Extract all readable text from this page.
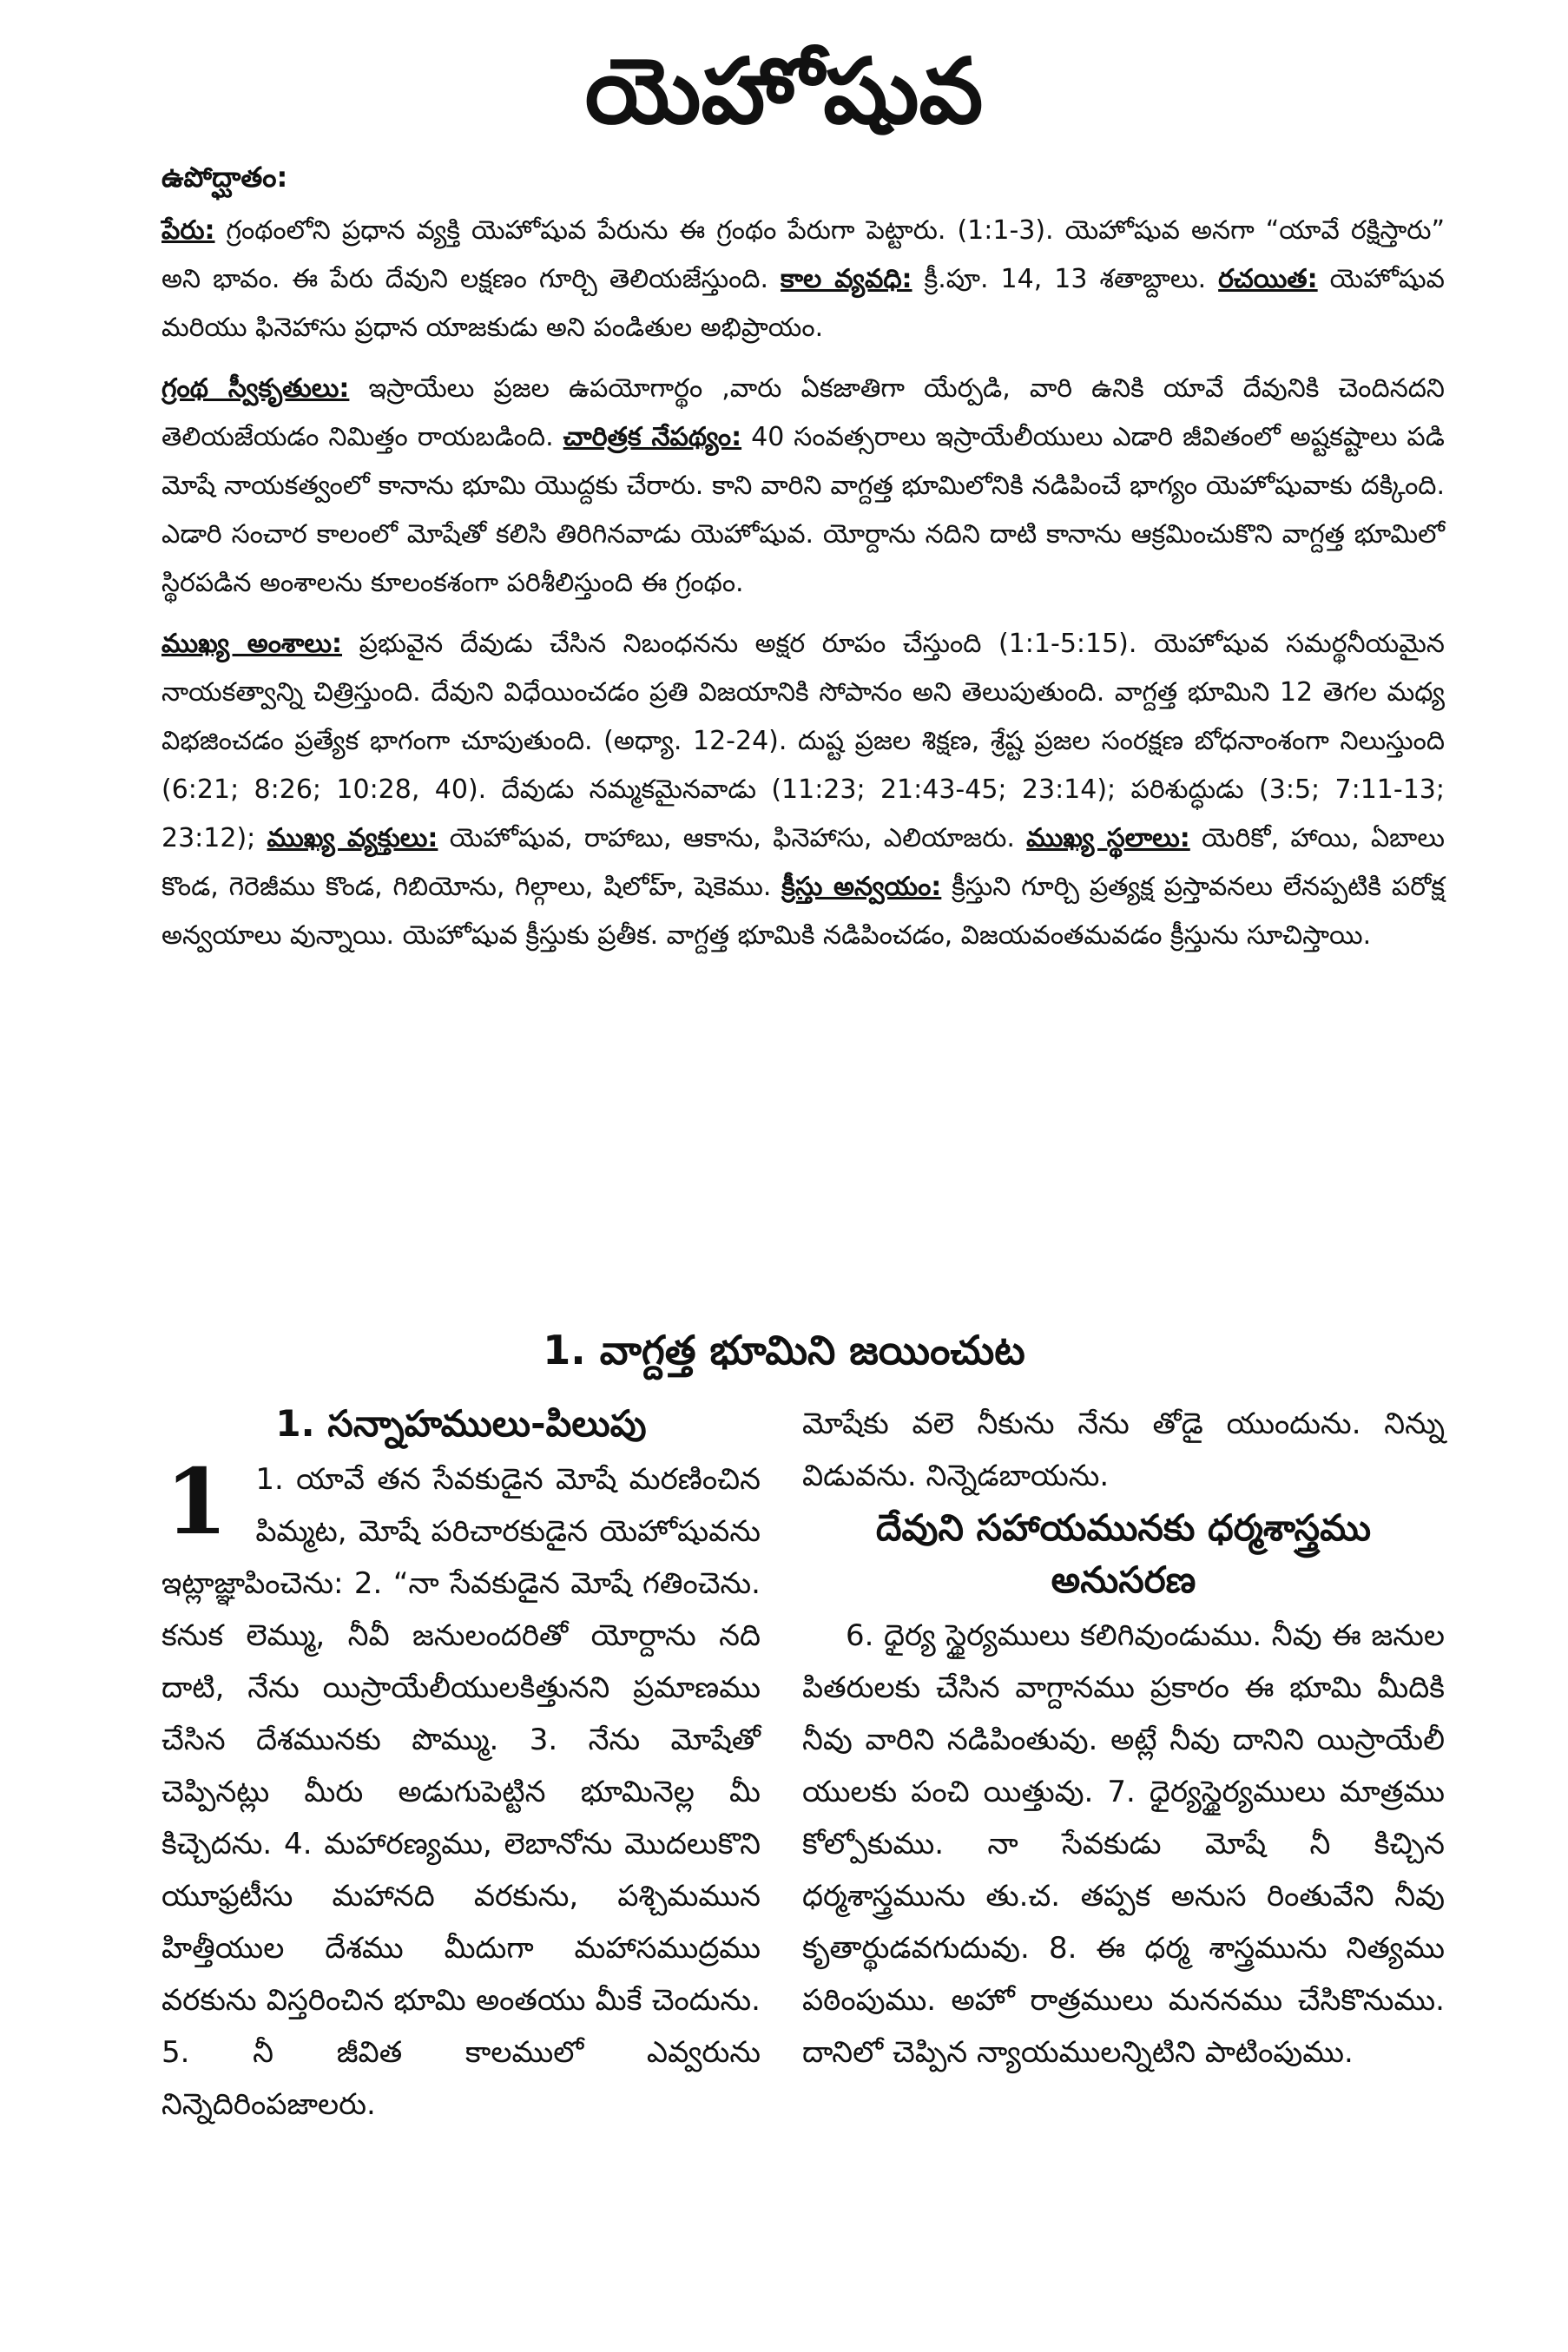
యెహోషువ
ఉపోద్ఘాతం:

పేరు: గ్రంథంలోని ప్రధాన వ్యక్తి యెహోషువ పేరును ఈ గ్రంథం పేరుగా పెట్టారు. (1:1-3). యెహోషువ అనగా “యావే రక్షిస్తారు” అని భావం. ఈ పేరు దేవుని లక్షణం గూర్చి తెలియజేస్తుంది. కాల వ్యవధి: క్రీ.పూ. 14, 13 శతాబ్దాలు. రచయిత: యెహోషువ మరియు ఫినెహాసు ప్రధాన యాజకుడు అని పండితుల అభిప్రాయం.

గ్రంథ స్వీకృతులు: ఇస్రాయేలు ప్రజల ఉపయోగార్థం ,వారు ఏకజాతిగా యేర్పడి, వారి ఉనికి యావే దేవునికి చెందినదని తెలియజేయడం నిమిత్తం రాయబడింది. చారిత్రక నేపథ్యం: 40 సంవత్సరాలు ఇస్రాయేలీయులు ఎడారి జీవితంలో అష్టకష్టాలు పడి మోషే నాయకత్వంలో కానాను భూమి యొద్దకు చేరారు. కాని వారిని వాగ్దత్త భూమిలోనికి నడిపించే భాగ్యం యెహోషువాకు దక్కింది. ఎడారి సంచార కాలంలో మోషేతో కలిసి తిరిగినవాడు యెహోషువ. యోర్దాను నదిని దాటి కానాను ఆక్రమించుకొని వాగ్దత్త భూమిలో స్థిరపడిన అంశాలను కూలంకశంగా పరిశీలిస్తుంది ఈ గ్రంథం.

ముఖ్య అంశాలు: ప్రభువైన దేవుడు చేసిన నిబంధనను అక్షర రూపం చేస్తుంది (1:1-5:15). యెహోషువ సమర్థనీయమైన నాయకత్వాన్ని చిత్రిస్తుంది. దేవుని విధేయించడం ప్రతి విజయానికి సోపానం అని తెలుపుతుంది. వాగ్దత్త భూమిని 12 తెగల మధ్య విభజించడం ప్రత్యేక భాగంగా చూపుతుంది. (అధ్యా. 12-24). దుష్ట ప్రజల శిక్షణ, శ్రేష్ట ప్రజల సంరక్షణ బోధనాంశంగా నిలుస్తుంది (6:21; 8:26; 10:28, 40). దేవుడు నమ్మకమైనవాడు (11:23; 21:43-45; 23:14); పరిశుద్ధుడు (3:5; 7:11-13; 23:12); ముఖ్య వ్యక్తులు: యెహోషువ, రాహాబు, ఆకాను, ఫినెహాసు, ఎలియాజరు. ముఖ్య స్థలాలు: యెరికో, హాయి, ఏబాలు కొండ, గెరెజీము కొండ, గిబియోను, గిల్గాలు, షిలోహ్, షెకెము. క్రీస్తు అన్వయం: క్రీస్తుని గూర్చి ప్రత్యక్ష ప్రస్తావనలు లేనప్పటికి పరోక్ష అన్వయాలు వున్నాయి. యెహోషువ క్రీస్తుకు ప్రతీక. వాగ్దత్త భూమికి నడిపించడం, విజయవంతమవడం క్రీస్తును సూచిస్తాయి.

1. వాగ్దత్త భూమిని జయించుట
1. సన్నాహములు-పిలుపు

1 1. యావే తన సేవకుడైన మోషే మరణించిన పిమ్మట, మోషే పరిచారకుడైన యెహోషువను ఇట్లాజ్ఞాపించెను: 2. “నా సేవకుడైన మోషే గతించెను. కనుక లెమ్ము, నీవీ జనులందరితో యోర్దాను నది దాటి, నేను యిస్రాయేలీయులకిత్తునని ప్రమాణము చేసిన దేశమునకు పొమ్ము. 3. నేను మోషేతో చెప్పినట్లు మీరు అడుగుపెట్టిన భూమినెల్ల మీ కిచ్చెదను. 4. మహారణ్యము, లెబానోను మొదలుకొని యూఫ్రటీసు మహానది వరకును, పశ్చిమమున హిత్తీయుల దేశము మీదుగా మహాసముద్రము వరకును విస్తరించిన భూమి అంతయు మీకే చెందును. 5. నీ జీవిత కాలములో ఎవ్వరును నిన్నెదిరింపజాలరు.

మోషేకు వలె నీకును నేను తోడై యుందును. నిన్ను విడువను. నిన్నెడబాయను.

దేవుని సహాయమునకు ధర్మశాస్త్రము అనుసరణ

6. ధైర్య స్థైర్యములు కలిగివుండుము. నీవు ఈ జనుల పితరులకు చేసిన వాగ్దానము ప్రకారం ఈ భూమి మీదికి నీవు వారిని నడిపింతువు. అట్లే నీవు దానిని యిస్రాయేలీ యులకు పంచి యిత్తువు. 7. ధైర్యస్థైర్యములు మాత్రము కోల్పోకుము. నా సేవకుడు మోషే నీ కిచ్చిన ధర్మశాస్త్రమును తు.చ. తప్పక అనుస రింతువేని నీవు కృతార్థుడవగుదువు. 8. ఈ ధర్మ శాస్త్రమును నిత్యము పఠింపుము. అహో రాత్రములు మననము చేసికొనుము. దానిలో చెప్పిన న్యాయములన్నిటిని పాటింపుము.
